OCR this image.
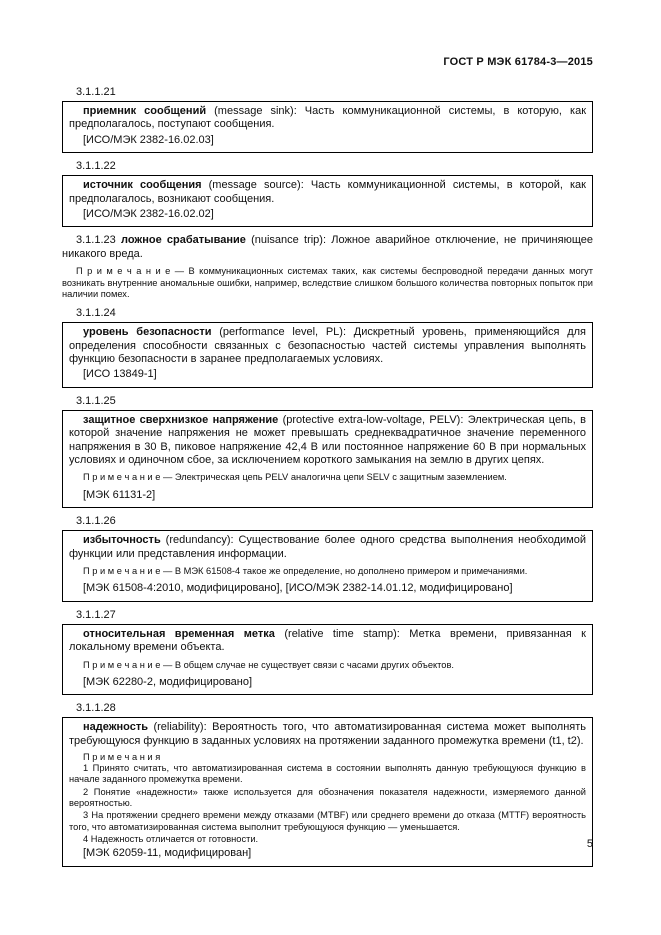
ГОСТ Р МЭК 61784-3—2015

3.1.1.21

приемник сообщений (message sink): Часть коммуникационной системы, в которую, как предполагалось, поступают сообщения.

[ИСО/МЭК 2382-16.02.03]

3.1.1.22

источник сообщения (message source): Часть коммуникационной системы, в которой, как предполагалось, возникают сообщения.

[ИСО/МЭК 2382-16.02.02]

3.1.1.23 ложное срабатывание (nuisance trip): Ложное аварийное отключение, не причиняющее никакого вреда.

П р и м е ч а н и е — В коммуникационных системах таких, как системы беспроводной передачи данных могут возникать внутренние аномальные ошибки, например, вследствие слишком большого количества повторных попыток при наличии помех.

3.1.1.24

уровень безопасности (performance level, PL): Дискретный уровень, применяющийся для определения способности связанных с безопасностью частей системы управления выполнять функцию безопасности в заранее предполагаемых условиях.

[ИСО 13849-1]

3.1.1.25

защитное сверхнизкое напряжение (protective extra-low-voltage, PELV): Электрическая цепь, в которой значение напряжения не может превышать среднеквадратичное значение переменного напряжения в 30 В, пиковое напряжение 42,4 В или постоянное напряжение 60 В при нормальных условиях и одиночном сбое, за исключением короткого замыкания на землю в других цепях.

П р и м е ч а н и е — Электрическая цепь PELV аналогична цепи SELV с защитным заземлением.

[МЭК 61131-2]

3.1.1.26

избыточность (redundancy): Существование более одного средства выполнения необходимой функции или представления информации.

П р и м е ч а н и е — В МЭК 61508-4 такое же определение, но дополнено примером и примечаниями.

[МЭК 61508-4:2010, модифицировано], [ИСО/МЭК 2382-14.01.12, модифицировано]

3.1.1.27

относительная временная метка (relative time stamp): Метка времени, привязанная к локальному времени объекта.

П р и м е ч а н и е — В общем случае не существует связи с часами других объектов.

[МЭК 62280-2, модифицировано]

3.1.1.28

надежность (reliability): Вероятность того, что автоматизированная система может выполнять требующуюся функцию в заданных условиях на протяжении заданного промежутка времени (t1, t2).

П р и м е ч а н и я

1 Принято считать, что автоматизированная система в состоянии выполнять данную требующуюся функцию в начале заданного промежутка времени.

2 Понятие «надежности» также используется для обозначения показателя надежности, измеряемого данной вероятностью.

3 На протяжении среднего времени между отказами (MTBF) или среднего времени до отказа (MTTF) вероятность того, что автоматизированная система выполнит требующуюся функцию — уменьшается.

4 Надежность отличается от готовности.

[МЭК 62059-11, модифицирован]

5
